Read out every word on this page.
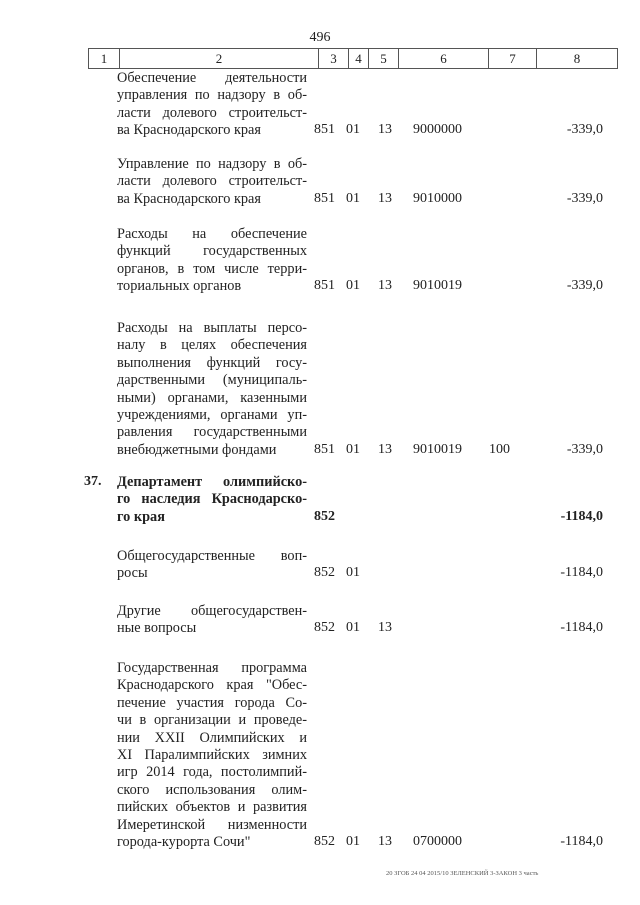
496
1	2	3	4	5	6	7	8
Обеспечение деятельности
управления по надзору в об-
ласти долевого строительст-
ва Краснодарского края	851 01 13 9000000	-339,0
Управление по надзору в об-
ласти долевого строительст-
ва Краснодарского края	851 01 13 9010000	-339,0
Расходы на обеспечение
функций государственных
органов, в том числе терри-
ториальных органов	851 01 13 9010019	-339,0
Расходы на выплаты персо-
налу в целях обеспечения
выполнения функций госу-
дарственными (муниципаль-
ными) органами, казенными
учреждениями, органами уп-
равления государственными
внебюджетными фондами	851 01 13 9010019 100	-339,0
37.	Департамент олимпийско-
го наследия Краснодарско-
го края	852	-1184,0
Общегосударственные воп-
росы	852 01	-1184,0
Другие общегосударствен-
ные вопросы	852 01 13	-1184,0
Государственная программа
Краснодарского края "Обес-
печение участия города Со-
чи в организации и проведе-
нии XXII Олимпийских и
XI Паралимпийских зимних
игр 2014 года, постолимпий-
ского использования олим-
пийских объектов и развития
Имеретинской низменности
города-курорта Сочи"	852 01 13 0700000	-1184,0
20 ЗГОБ 24 04 2015/10 ЗЕЛЕНСКИЙ 3-ЗАКОН 3 часть
